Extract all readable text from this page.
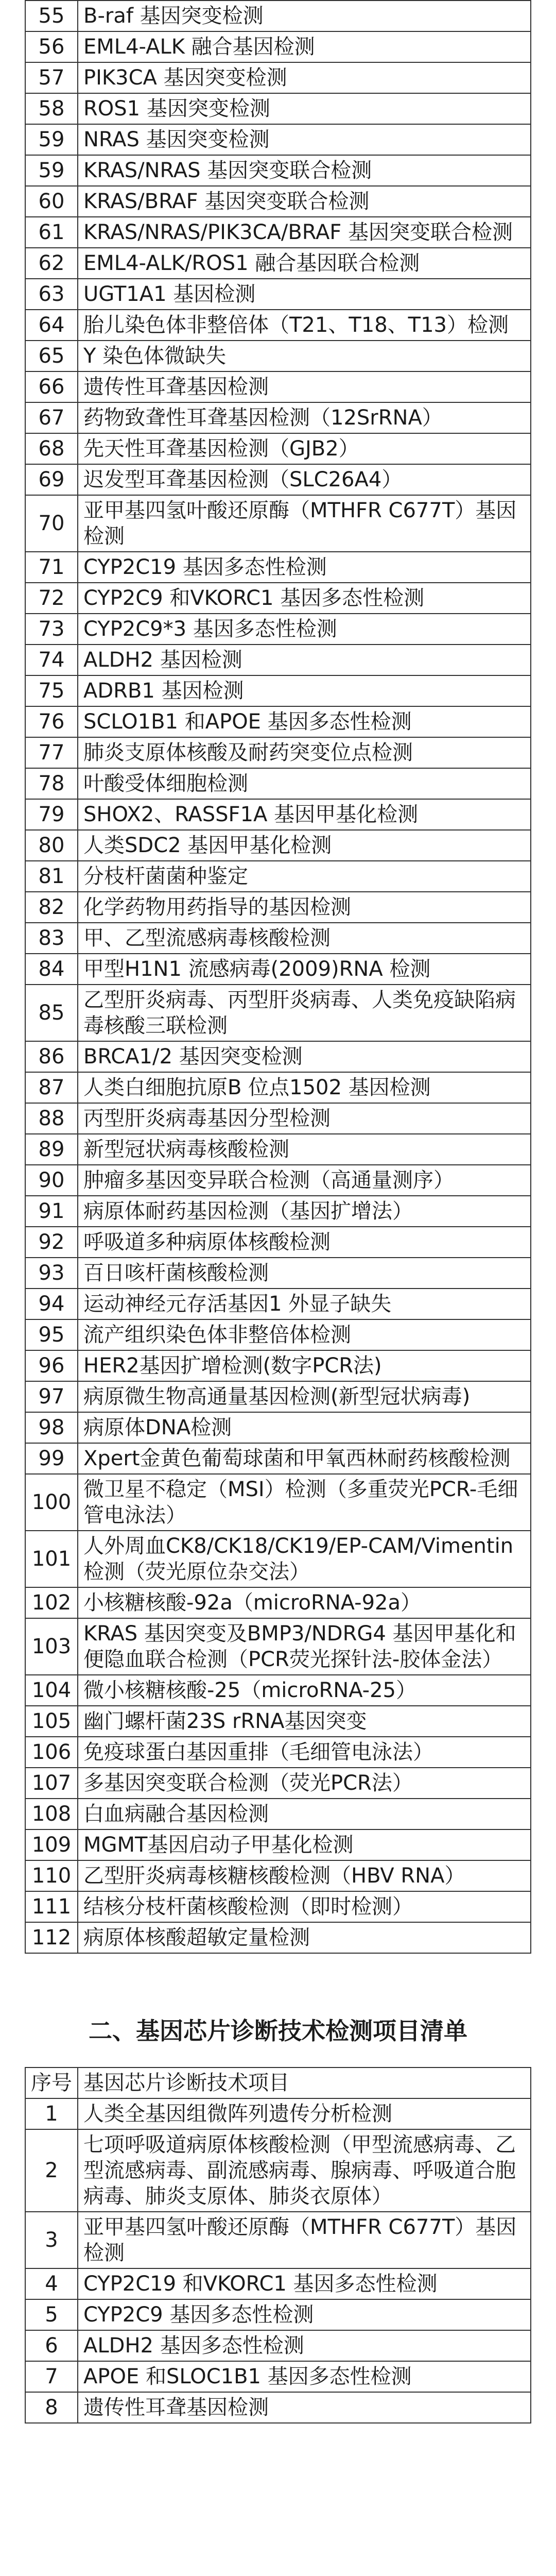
55	B-raf 基因突变检测
56	EML4-ALK 融合基因检测
57	PIK3CA 基因突变检测
58	ROS1 基因突变检测
59	NRAS 基因突变检测
59	KRAS/NRAS 基因突变联合检测
60	KRAS/BRAF 基因突变联合检测
61	KRAS/NRAS/PIK3CA/BRAF 基因突变联合检测
62	EML4-ALK/ROS1 融合基因联合检测
63	UGT1A1 基因检测
64	胎儿染色体非整倍体（T21、T18、T13）检测
65	Y 染色体微缺失
66	遗传性耳聋基因检测
67	药物致聋性耳聋基因检测（12SrRNA）
68	先天性耳聋基因检测（GJB2）
69	迟发型耳聋基因检测（SLC26A4）
70	亚甲基四氢叶酸还原酶（MTHFR C677T）基因检测
71	CYP2C19 基因多态性检测
72	CYP2C9 和VKORC1 基因多态性检测
73	CYP2C9*3 基因多态性检测
74	ALDH2 基因检测
75	ADRB1 基因检测
76	SCLO1B1 和APOE 基因多态性检测
77	肺炎支原体核酸及耐药突变位点检测
78	叶酸受体细胞检测
79	SHOX2、RASSF1A 基因甲基化检测
80	人类SDC2 基因甲基化检测
81	分枝杆菌菌种鉴定
82	化学药物用药指导的基因检测
83	甲、乙型流感病毒核酸检测
84	甲型H1N1 流感病毒(2009)RNA 检测
85	乙型肝炎病毒、丙型肝炎病毒、人类免疫缺陷病毒核酸三联检测
86	BRCA1/2 基因突变检测
87	人类白细胞抗原B 位点1502 基因检测
88	丙型肝炎病毒基因分型检测
89	新型冠状病毒核酸检测
90	肿瘤多基因变异联合检测（高通量测序）
91	病原体耐药基因检测（基因扩增法）
92	呼吸道多种病原体核酸检测
93	百日咳杆菌核酸检测
94	运动神经元存活基因1 外显子缺失
95	流产组织染色体非整倍体检测
96	HER2基因扩增检测(数字PCR法)
97	病原微生物高通量基因检测(新型冠状病毒)
98	病原体DNA检测
99	Xpert金黄色葡萄球菌和甲氧西林耐药核酸检测
100	微卫星不稳定（MSI）检测（多重荧光PCR-毛细管电泳法）
101	人外周血CK8/CK18/CK19/EP-CAM/Vimentin检测（荧光原位杂交法）
102	小核糖核酸-92a（microRNA-92a）
103	KRAS 基因突变及BMP3/NDRG4 基因甲基化和便隐血联合检测（PCR荧光探针法-胶体金法）
104	微小核糖核酸-25（microRNA-25）
105	幽门螺杆菌23S rRNA基因突变
106	免疫球蛋白基因重排（毛细管电泳法）
107	多基因突变联合检测（荧光PCR法）
108	白血病融合基因检测
109	MGMT基因启动子甲基化检测
110	乙型肝炎病毒核糖核酸检测（HBV RNA）
111	结核分枝杆菌核酸检测（即时检测）
112	病原体核酸超敏定量检测
二、基因芯片诊断技术检测项目清单
序号	基因芯片诊断技术项目
1	人类全基因组微阵列遗传分析检测
2	七项呼吸道病原体核酸检测（甲型流感病毒、乙型流感病毒、副流感病毒、腺病毒、呼吸道合胞病毒、肺炎支原体、肺炎衣原体）
3	亚甲基四氢叶酸还原酶（MTHFR C677T）基因检测
4	CYP2C19 和VKORC1 基因多态性检测
5	CYP2C9 基因多态性检测
6	ALDH2 基因多态性检测
7	APOE 和SLOC1B1 基因多态性检测
8	遗传性耳聋基因检测
